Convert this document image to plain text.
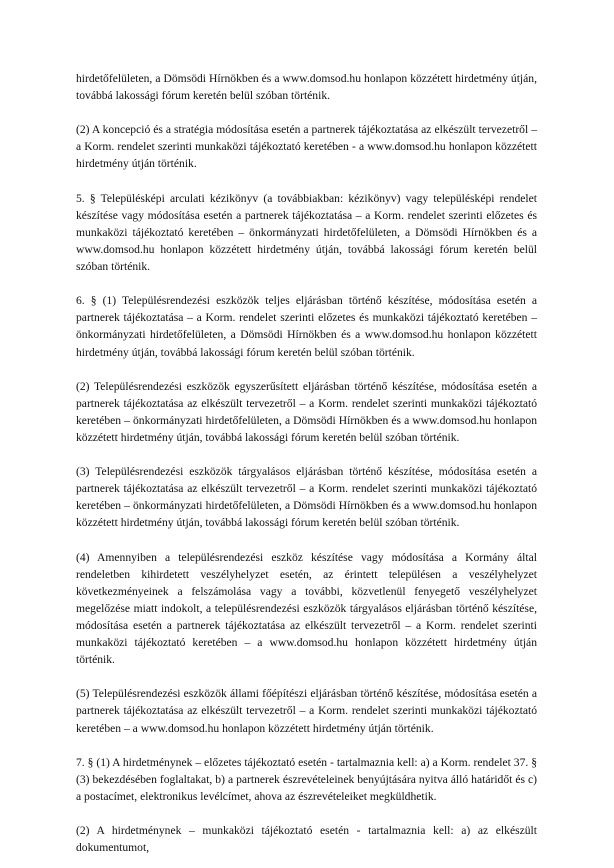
hirdetőfelületen, a Dömsödi Hírnökben és a www.domsod.hu honlapon közzétett hirdetmény útján, továbbá lakossági fórum keretén belül szóban történik.

(2) A koncepció és a stratégia módosítása esetén a partnerek tájékoztatása az elkészült tervezetről – a Korm. rendelet szerinti munkaközi tájékoztató keretében - a www.domsod.hu honlapon közzétett hirdetmény útján történik.

5. § Településképi arculati kézikönyv (a továbbiakban: kézikönyv) vagy településképi rendelet készítése vagy módosítása esetén a partnerek tájékoztatása – a Korm. rendelet szerinti előzetes és munkaközi tájékoztató keretében – önkormányzati hirdetőfelületen, a Dömsödi Hírnökben és a www.domsod.hu honlapon közzétett hirdetmény útján, továbbá lakossági fórum keretén belül szóban történik.

6. § (1) Településrendezési eszközök teljes eljárásban történő készítése, módosítása esetén a partnerek tájékoztatása – a Korm. rendelet szerinti előzetes és munkaközi tájékoztató keretében – önkormányzati hirdetőfelületen, a Dömsödi Hírnökben és a www.domsod.hu honlapon közzétett hirdetmény útján, továbbá lakossági fórum keretén belül szóban történik.

(2) Településrendezési eszközök egyszerűsített eljárásban történő készítése, módosítása esetén a partnerek tájékoztatása az elkészült tervezetről – a Korm. rendelet szerinti munkaközi tájékoztató keretében – önkormányzati hirdetőfelületen, a Dömsödi Hírnökben és a www.domsod.hu honlapon közzétett hirdetmény útján, továbbá lakossági fórum keretén belül szóban történik.

(3) Településrendezési eszközök tárgyalásos eljárásban történő készítése, módosítása esetén a partnerek tájékoztatása az elkészült tervezetről – a Korm. rendelet szerinti munkaközi tájékoztató keretében – önkormányzati hirdetőfelületen, a Dömsödi Hírnökben és a www.domsod.hu honlapon közzétett hirdetmény útján, továbbá lakossági fórum keretén belül szóban történik.

(4) Amennyiben a településrendezési eszköz készítése vagy módosítása a Kormány által rendeletben kihirdetett veszélyhelyzet esetén, az érintett településen a veszélyhelyzet következményeinek a felszámolása vagy a további, közvetlenül fenyegető veszélyhelyzet megelőzése miatt indokolt, a településrendezési eszközök tárgyalásos eljárásban történő készítése, módosítása esetén a partnerek tájékoztatása az elkészült tervezetről – a Korm. rendelet szerinti munkaközi tájékoztató keretében – a www.domsod.hu honlapon közzétett hirdetmény útján történik.

(5) Településrendezési eszközök állami főépítészi eljárásban történő készítése, módosítása esetén a partnerek tájékoztatása az elkészült tervezetről – a Korm. rendelet szerinti munkaközi tájékoztató keretében – a www.domsod.hu honlapon közzétett hirdetmény útján történik.

7. § (1) A hirdetménynek – előzetes tájékoztató esetén - tartalmaznia kell: a) a Korm. rendelet 37. § (3) bekezdésében foglaltakat, b) a partnerek észrevételeinek benyújtására nyitva álló határidőt és c) a postacímet, elektronikus levélcímet, ahova az észrevételeiket megküldhetik.

(2) A hirdetménynek – munkaközi tájékoztató esetén - tartalmaznia kell: a) az elkészült dokumentumot,
